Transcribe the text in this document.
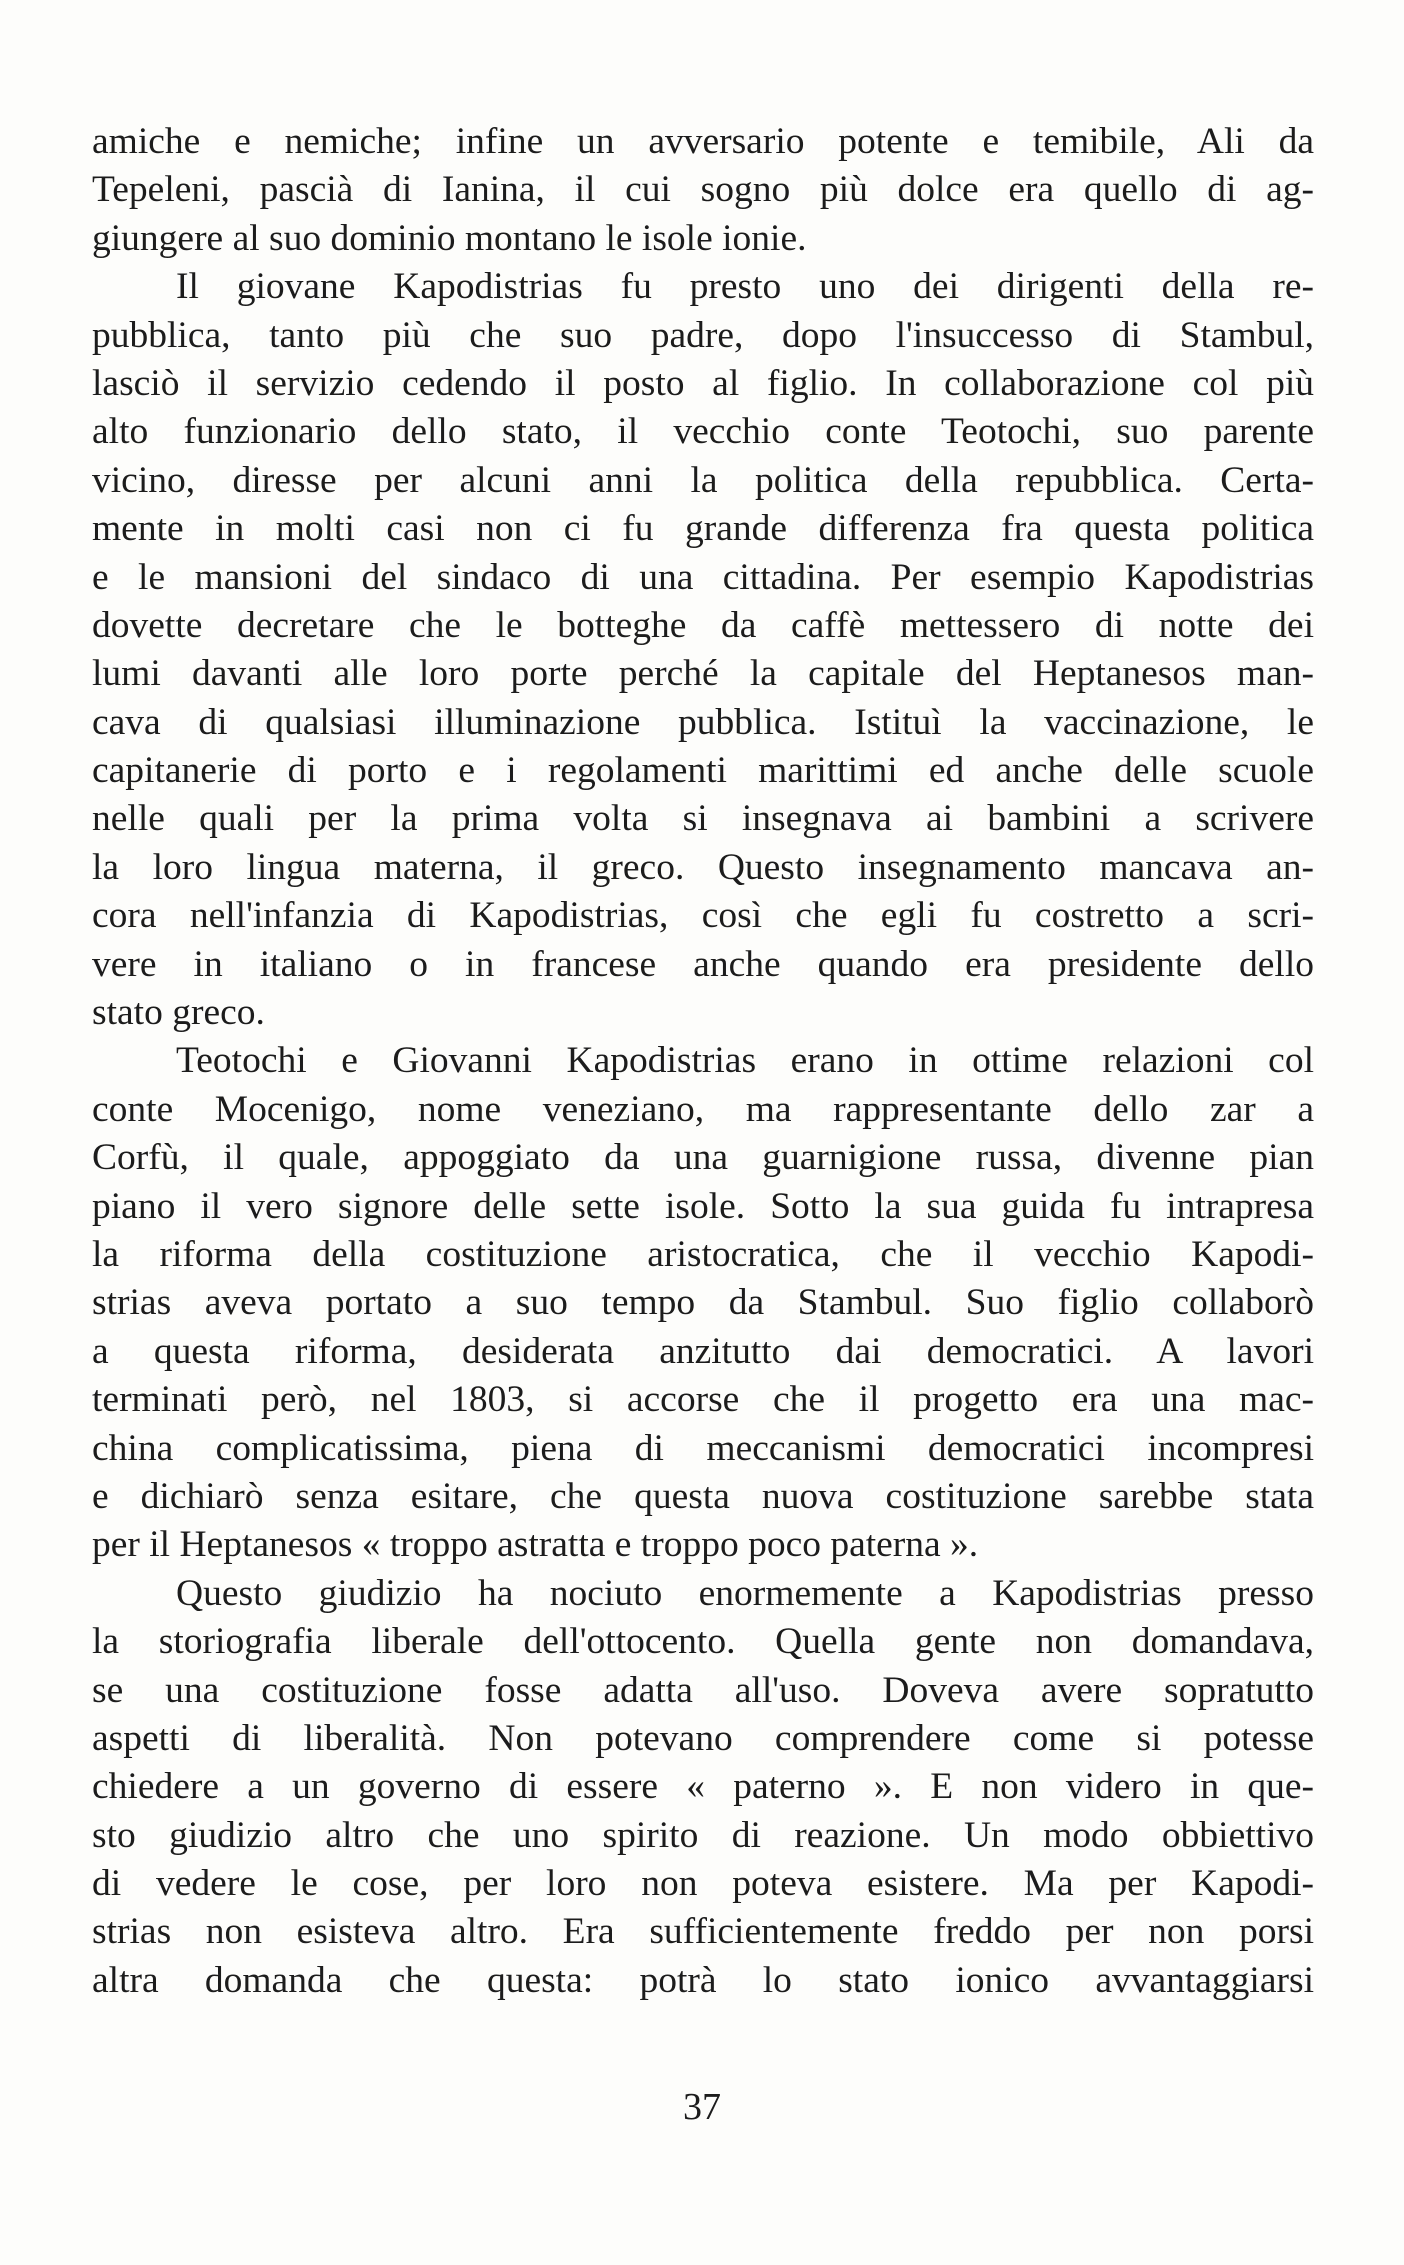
amiche e nemiche; infine un avversario potente e temibile, Ali da
Tepeleni, pascià di Ianina, il cui sogno più dolce era quello di ag-
giungere al suo dominio montano le isole ionie.
Il giovane Kapodistrias fu presto uno dei dirigenti della re-
pubblica, tanto più che suo padre, dopo l'insuccesso di Stambul,
lasciò il servizio cedendo il posto al figlio. In collaborazione col più
alto funzionario dello stato, il vecchio conte Teotochi, suo parente
vicino, diresse per alcuni anni la politica della repubblica. Certa-
mente in molti casi non ci fu grande differenza fra questa politica
e le mansioni del sindaco di una cittadina. Per esempio Kapodistrias
dovette decretare che le botteghe da caffè mettessero di notte dei
lumi davanti alle loro porte perché la capitale del Heptanesos man-
cava di qualsiasi illuminazione pubblica. Istituì la vaccinazione, le
capitanerie di porto e i regolamenti marittimi ed anche delle scuole
nelle quali per la prima volta si insegnava ai bambini a scrivere
la loro lingua materna, il greco. Questo insegnamento mancava an-
cora nell'infanzia di Kapodistrias, così che egli fu costretto a scri-
vere in italiano o in francese anche quando era presidente dello
stato greco.
Teotochi e Giovanni Kapodistrias erano in ottime relazioni col
conte Mocenigo, nome veneziano, ma rappresentante dello zar a
Corfù, il quale, appoggiato da una guarnigione russa, divenne pian
piano il vero signore delle sette isole. Sotto la sua guida fu intrapresa
la riforma della costituzione aristocratica, che il vecchio Kapodi-
strias aveva portato a suo tempo da Stambul. Suo figlio collaborò
a questa riforma, desiderata anzitutto dai democratici. A lavori
terminati però, nel 1803, si accorse che il progetto era una mac-
china complicatissima, piena di meccanismi democratici incompresi
e dichiarò senza esitare, che questa nuova costituzione sarebbe stata
per il Heptanesos « troppo astratta e troppo poco paterna ».
Questo giudizio ha nociuto enormemente a Kapodistrias presso
la storiografia liberale dell'ottocento. Quella gente non domandava,
se una costituzione fosse adatta all'uso. Doveva avere sopratutto
aspetti di liberalità. Non potevano comprendere come si potesse
chiedere a un governo di essere « paterno ». E non videro in que-
sto giudizio altro che uno spirito di reazione. Un modo obbiettivo
di vedere le cose, per loro non poteva esistere. Ma per Kapodi-
strias non esisteva altro. Era sufficientemente freddo per non porsi
altra domanda che questa: potrà lo stato ionico avvantaggiarsi
37
